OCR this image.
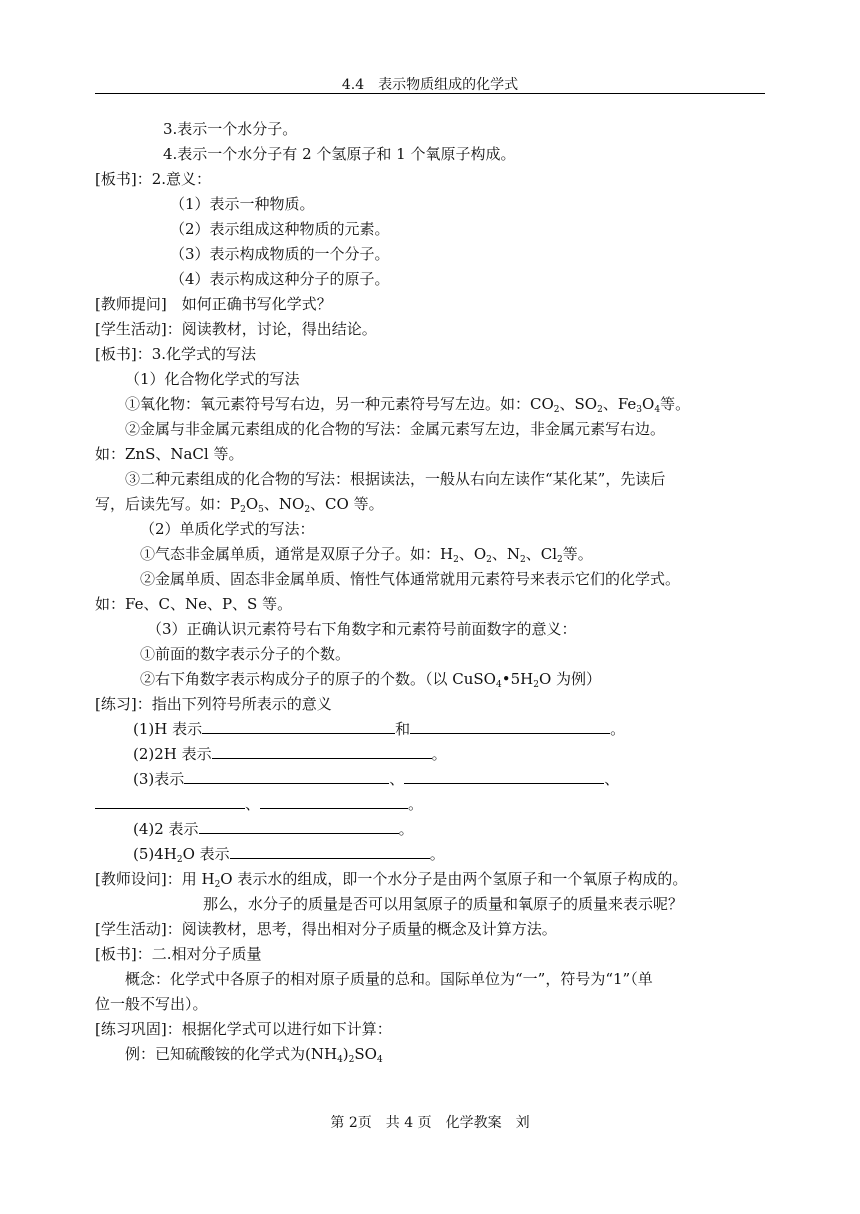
4.4　表示物质组成的化学式
3.表示一个水分子。
4.表示一个水分子有 2 个氢原子和 1 个氧原子构成。
[板书]：2.意义：
（1）表示一种物质。
（2）表示组成这种物质的元素。
（3）表示构成物质的一个分子。
（4）表示构成这种分子的原子。
[教师提问]　如何正确书写化学式？
[学生活动]：阅读教材，讨论，得出结论。
[板书]：3.化学式的写法
（1）化合物化学式的写法
①氧化物：氧元素符号写右边，另一种元素符号写左边。如：$CO_2$、$SO_2$、$Fe_3O_4$等。
②金属与非金属元素组成的化合物的写法：金属元素写左边，非金属元素写右边。
如：ZnS、NaCl 等。
③二种元素组成的化合物的写法：根据读法，一般从右向左读作“某化某”，先读后
写，后读先写。如：$P_2O_5$、$NO_2$、CO 等。
（2）单质化学式的写法：
①气态非金属单质，通常是双原子分子。如：$H_2$、$O_2$、$N_2$、$Cl_2$等。
②金属单质、固态非金属单质、惰性气体通常就用元素符号来表示它们的化学式。
如：Fe、C、Ne、P、S 等。
（3）正确认识元素符号右下角数字和元素符号前面数字的意义：
①前面的数字表示分子的个数。
②右下角数字表示构成分子的原子的个数。（以 $CuSO_4•5H_2O$ 为例）
[练习]：指出下列符号所表示的意义
(1)H 表示	和	。
(2)2H 表示	。
(3)表示	、	、
、	。
(4)2 表示	。
$(5)4H_2O$ 表示	。
[教师设问]：用 $H_2O$ 表示水的组成，即一个水分子是由两个氢原子和一个氧原子构成的。
那么，水分子的质量是否可以用氢原子的质量和氧原子的质量来表示呢？
[学生活动]：阅读教材，思考，得出相对分子质量的概念及计算方法。
[板书]：二.相对分子质量
概念：化学式中各原子的相对原子质量的总和。国际单位为“一”，符号为“1”（单
位一般不写出）。
[练习巩固]：根据化学式可以进行如下计算：
例：已知硫酸铵的化学式为$(NH_4)_2SO_4$
第 2页　共 4 页　化学教案　刘
